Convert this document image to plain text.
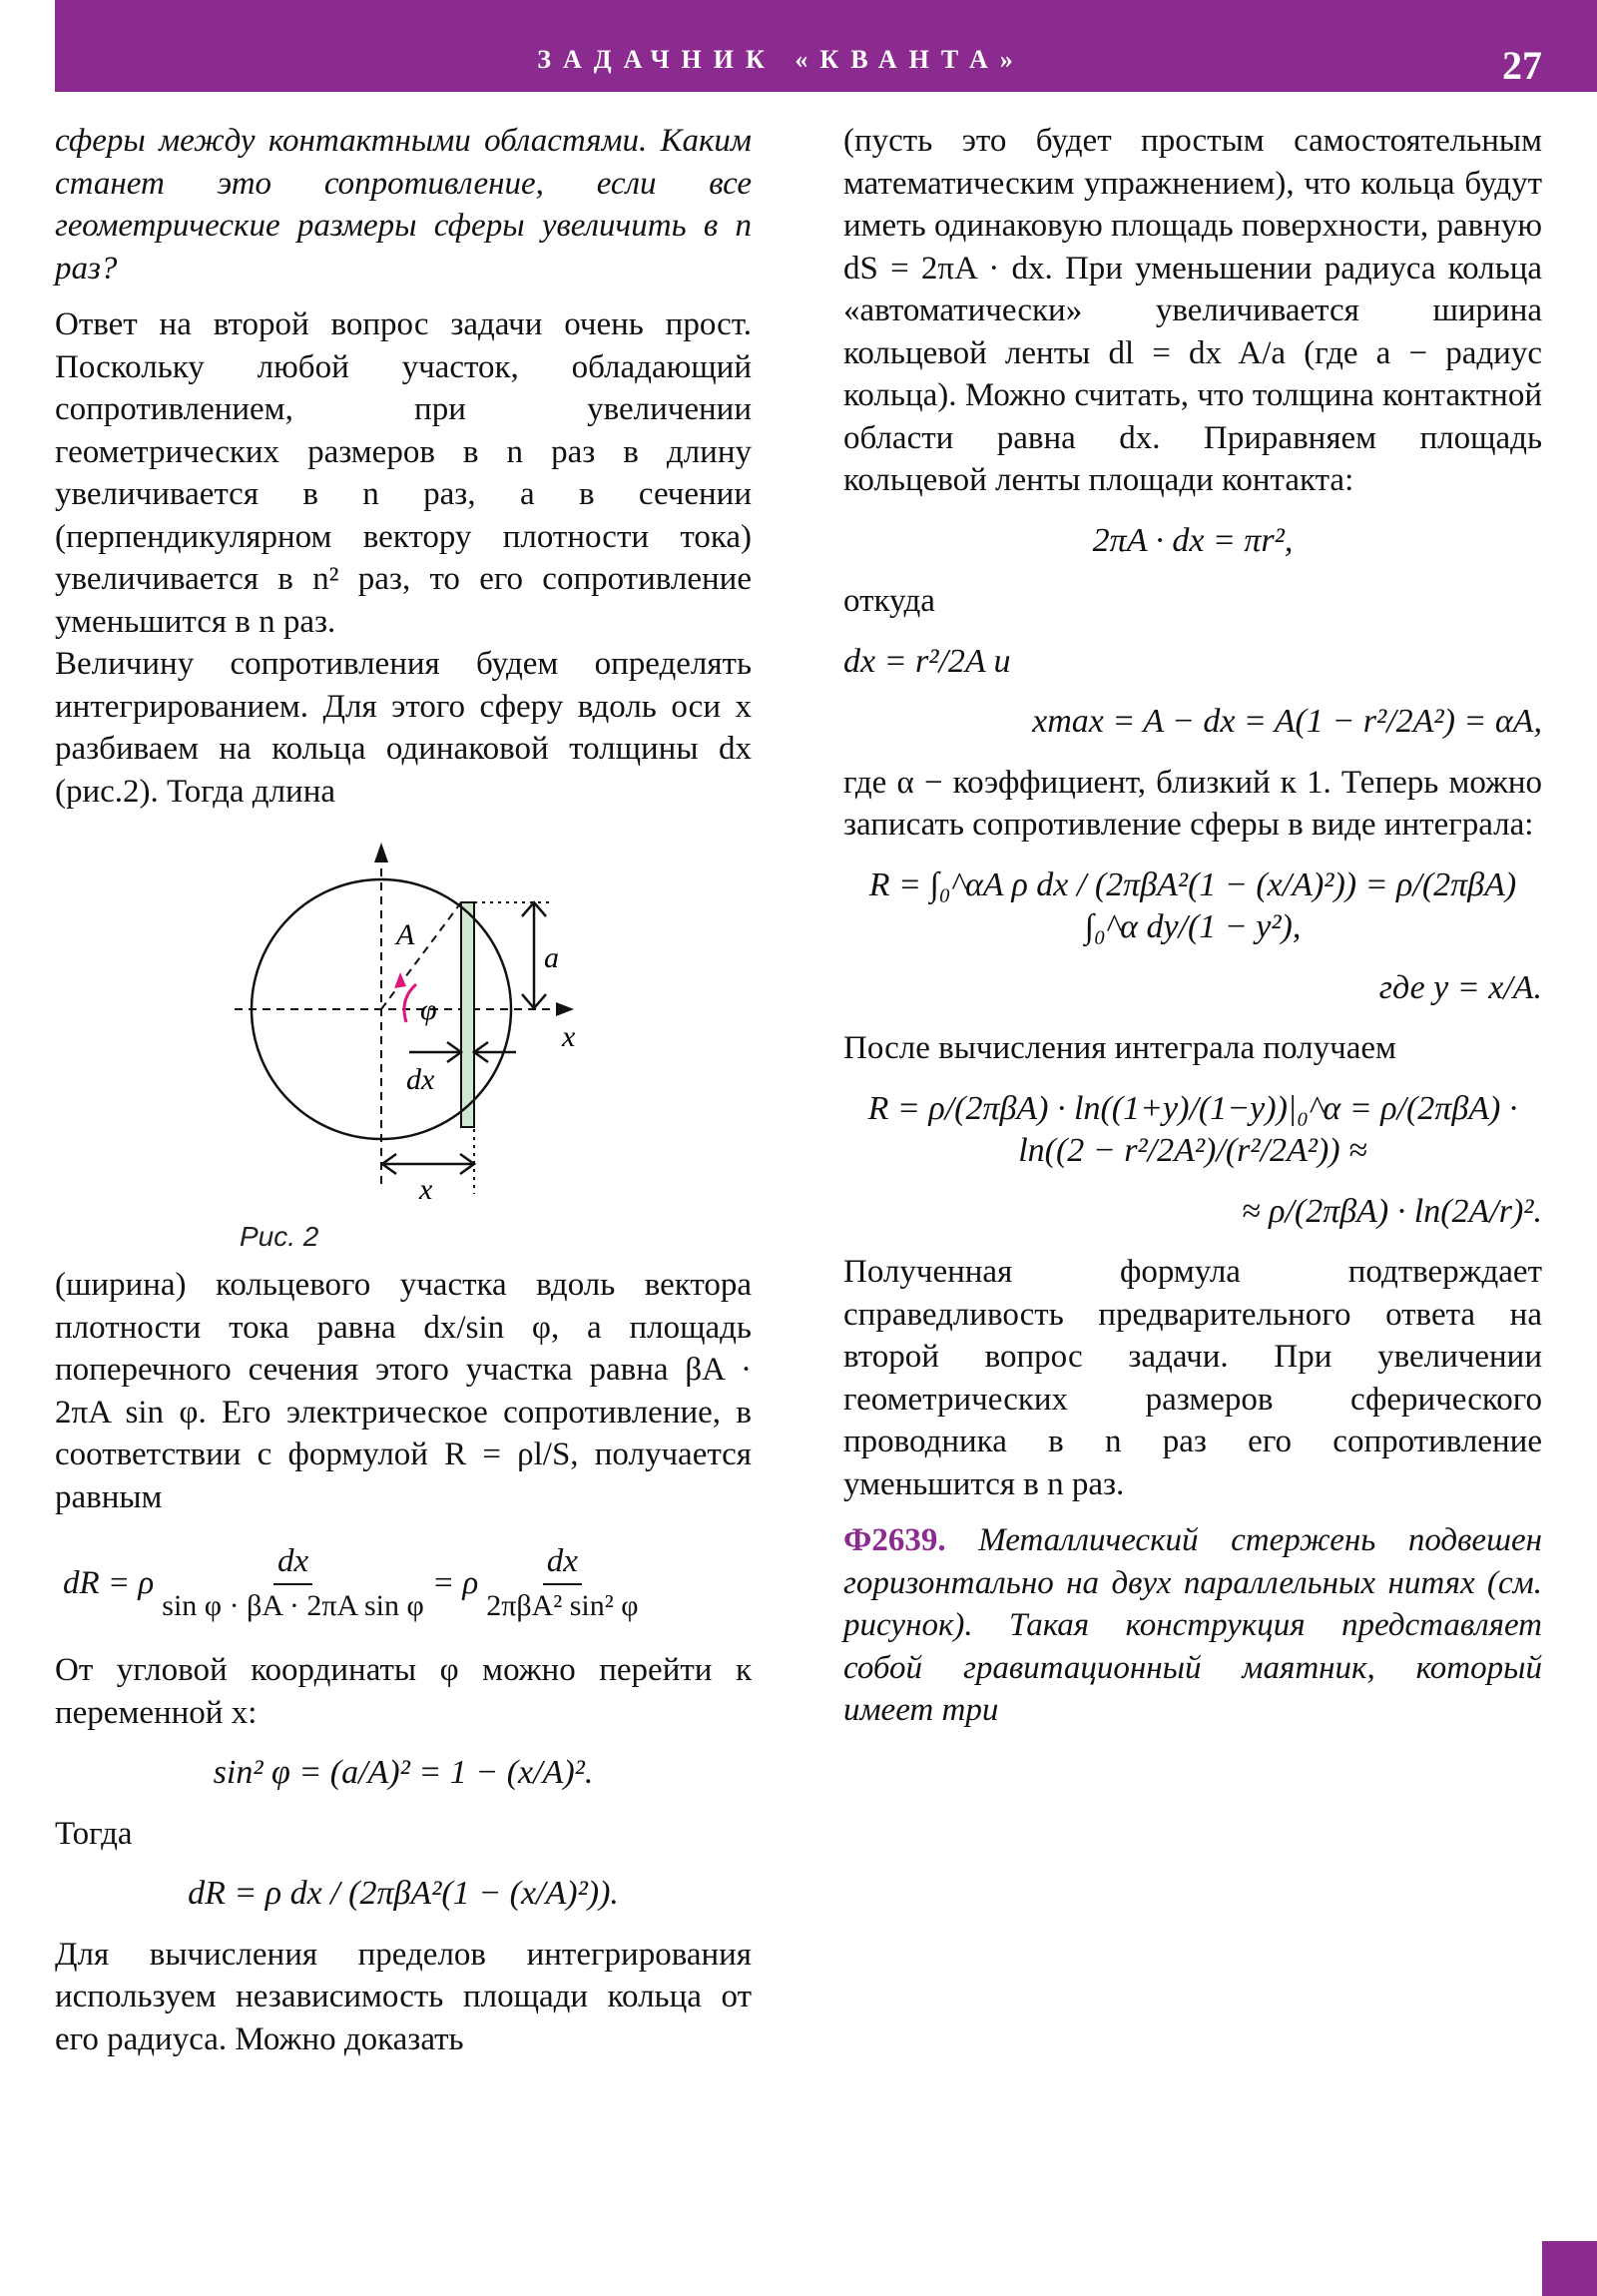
ЗАДАЧНИК «КВАНТА»	27

сферы между контактными областями. Каким станет это сопротивление, если все геометрические размеры сферы увеличить в n раз?

Ответ на второй вопрос задачи очень прост. Поскольку любой участок, обладающий сопротивлением, при увеличении геометрических размеров в n раз в длину увеличивается в n раз, а в сечении (перпендикулярном вектору плотности тока) увеличивается в n² раз, то его сопротивление уменьшится в n раз.

Величину сопротивления будем определять интегрированием. Для этого сферу вдоль оси x разбиваем на кольца одинаковой толщины dx (рис.2). Тогда длина

a
x
A
φ
dx
x
Рис. 2

(ширина) кольцевого участка вдоль вектора плотности тока равна dx/sin φ, а площадь поперечного сечения этого участка равна βA · 2πA sin φ. Его электрическое сопротивление, в соответствии с формулой R = ρl/S, получается равным

dR = ρ $\frac{dx}{\text{sin φ · βA · 2πA sin φ}} = \rho$
dx
2πβA² sin² φ

От угловой координаты φ можно перейти к переменной x:

sin² φ = (a/A)² = 1 − (x/A)².

Тогда

dR = ρ dx / (2πβA²(1 − (x/A)²)).

Для вычисления пределов интегрирования используем независимость площади кольца от его радиуса. Можно доказать

(пусть это будет простым самостоятельным математическим упражнением), что кольца будут иметь одинаковую площадь поверхности, равную dS = 2πA · dx. При уменьшении радиуса кольца «автоматически» увеличивается ширина кольцевой ленты dl = dx A/a (где a − радиус кольца). Можно считать, что толщина контактной области равна dx. Приравняем площадь кольцевой ленты площади контакта:

2πA · dx = πr²,

откуда

dx = r²/2A и
xmax = A − dx = A(1 − r²/2A²) = αA,

где α − коэффициент, близкий к 1. Теперь можно записать сопротивление сферы в виде интеграла:

R = ∫₀^αA ρ dx / (2πβA²(1 − (x/A)²)) = ρ/(2πβA) ∫₀^α dy/(1 − y²),
где y = x/A.

После вычисления интеграла получаем

R = ρ/(2πβA) · ln((1+y)/(1−y))|₀^α = ρ/(2πβA) · ln((2 − r²/2A²)/(r²/2A²)) ≈
≈ ρ/(2πβA) · ln(2A/r)².

Полученная формула подтверждает справедливость предварительного ответа на второй вопрос задачи. При увеличении геометрических размеров сферического проводника в n раз его сопротивление уменьшится в n раз.

Ф2639. Металлический стержень подвешен горизонтально на двух параллельных нитях (см. рисунок). Такая конструкция представляет собой гравитационный маятник, который имеет три
